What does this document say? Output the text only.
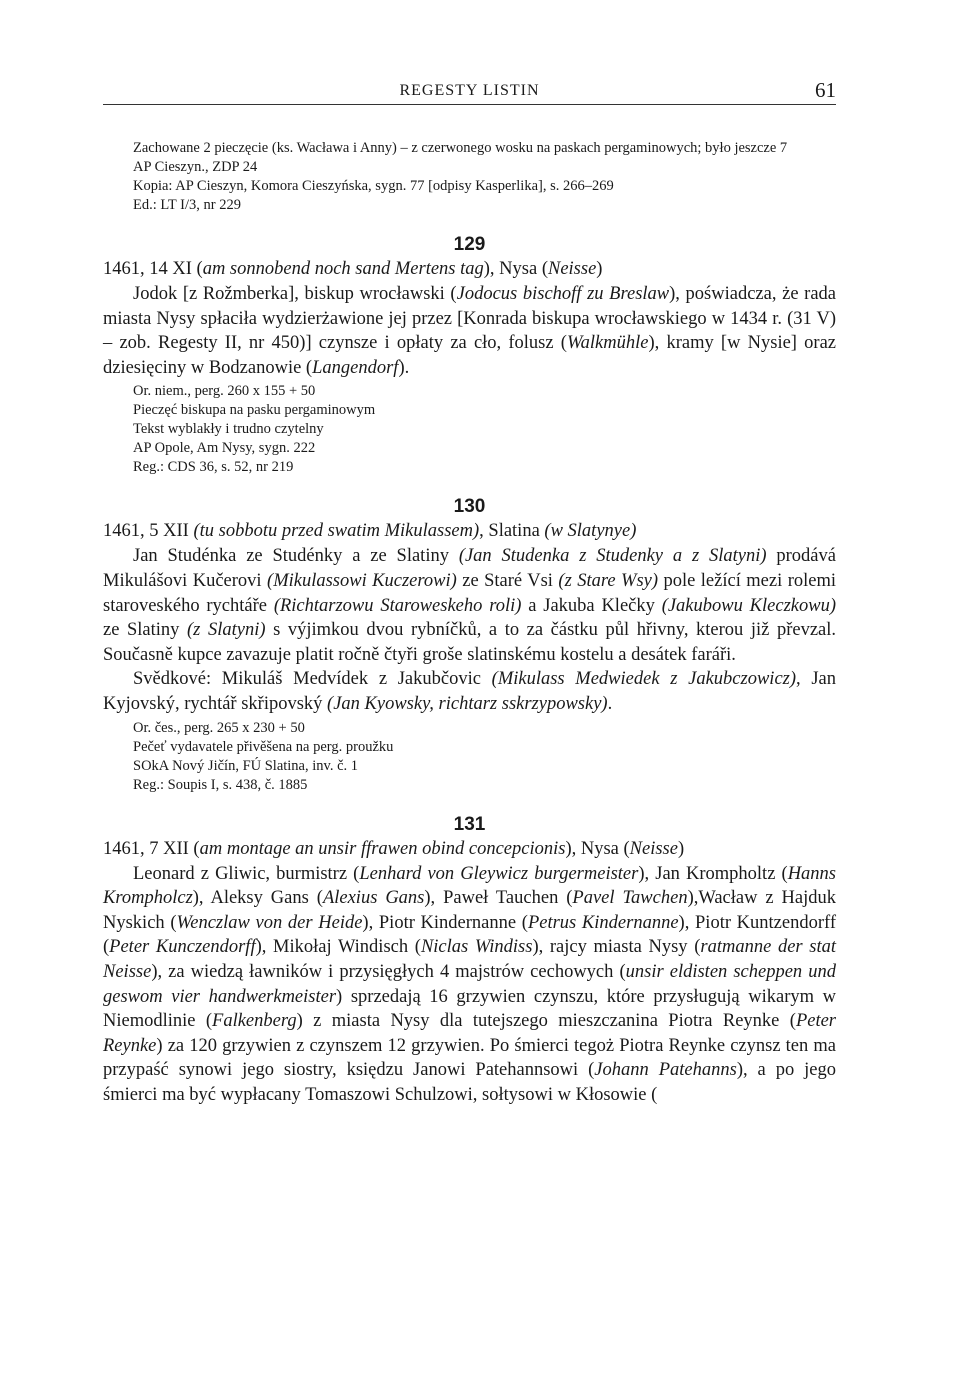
REGESTY LISTIN	61
Zachowane 2 pieczęcie (ks. Wacława i Anny) – z czerwonego wosku na paskach pergaminowych; było jeszcze 7
AP Cieszyn., ZDP 24
Kopia: AP Cieszyn, Komora Cieszyńska, sygn. 77 [odpisy Kasperlika], s. 266–269
Ed.: LT I/3, nr 229
129
1461, 14 XI (am sonnobend noch sand Mertens tag), Nysa (Neisse)

Jodok [z Rožmberka], biskup wrocławski (Jodocus bischoff zu Breslaw), poświadcza, że rada miasta Nysy spłaciła wydzierżawione jej przez [Konrada biskupa wrocławskiego w 1434 r. (31 V) – zob. Regesty II, nr 450)] czynsze i opłaty za cło, folusz (Walkmühle), kramy [w Nysie] oraz dziesięciny w Bodzanowie (Langendorf).

Or. niem., perg. 260 x 155 + 50
Pieczęć biskupa na pasku pergaminowym
Tekst wyblakły i trudno czytelny
AP Opole, Am Nysy, sygn. 222
Reg.: CDS 36, s. 52, nr 219
130
1461, 5 XII (tu sobbotu przed swatim Mikulassem), Slatina (w Slatynye)

Jan Studénka ze Studénky a ze Slatiny (Jan Studenka z Studenky a z Slatyni) prodává Mikulášovi Kučerovi (Mikulassowi Kuczerowi) ze Staré Vsi (z Stare Wsy) pole ležící mezi rolemi staroveského rychtáře (Richtarzowu Staroweskeho roli) a Jakuba Klečky (Jakubowu Kleczkowu) ze Slatiny (z Slatyni) s výjimkou dvou rybníčků, a to za částku půl hřivny, kterou již převzal. Současně kupce zavazuje platit ročně čtyři groše slatinskému kostelu a desátek faráři.

Svědkové: Mikuláš Medvídek z Jakubčovic (Mikulass Medwiedek z Jakubczowicz), Jan Kyjovský, rychtář skřipovský (Jan Kyowsky, richtarz sskrzypowsky).

Or. čes., perg. 265 x 230 + 50
Pečeť vydavatele přivěšena na perg. proužku
SOkA Nový Jičín, FÚ Slatina, inv. č. 1
Reg.: Soupis I, s. 438, č. 1885
131
1461, 7 XII (am montage an unsir ffrawen obind concepcionis), Nysa (Neisse)

Leonard z Gliwic, burmistrz (Lenhard von Gleywicz burgermeister), Jan Krompholtz (Hanns Krompholcz), Aleksy Gans (Alexius Gans), Paweł Tauchen (Pavel Tawchen),Wacław z Hajduk Nyskich (Wenczlaw von der Heide), Piotr Kindernanne (Petrus Kindernanne), Piotr Kuntzendorff (Peter Kunczendorff), Mikołaj Windisch (Niclas Windiss), rajcy miasta Nysy (ratmanne der stat Neisse), za wiedzą ławników i przysięgłych 4 majstrów cechowych (unsir eldisten scheppen und geswom vier handwerkmeister) sprzedają 16 grzywien czynszu, które przysługują wikarym w Niemodlinie (Falkenberg) z miasta Nysy dla tutejszego mieszczanina Piotra Reynke (Peter Reynke) za 120 grzywien z czynszem 12 grzywien. Po śmierci tegoż Piotra Reynke czynsz ten ma przypaść synowi jego siostry, księdzu Janowi Patehannsowi (Johann Patehanns), a po jego śmierci ma być wypłacany Tomaszowi Schulzowi, sołtysowi w Kłosowie (
